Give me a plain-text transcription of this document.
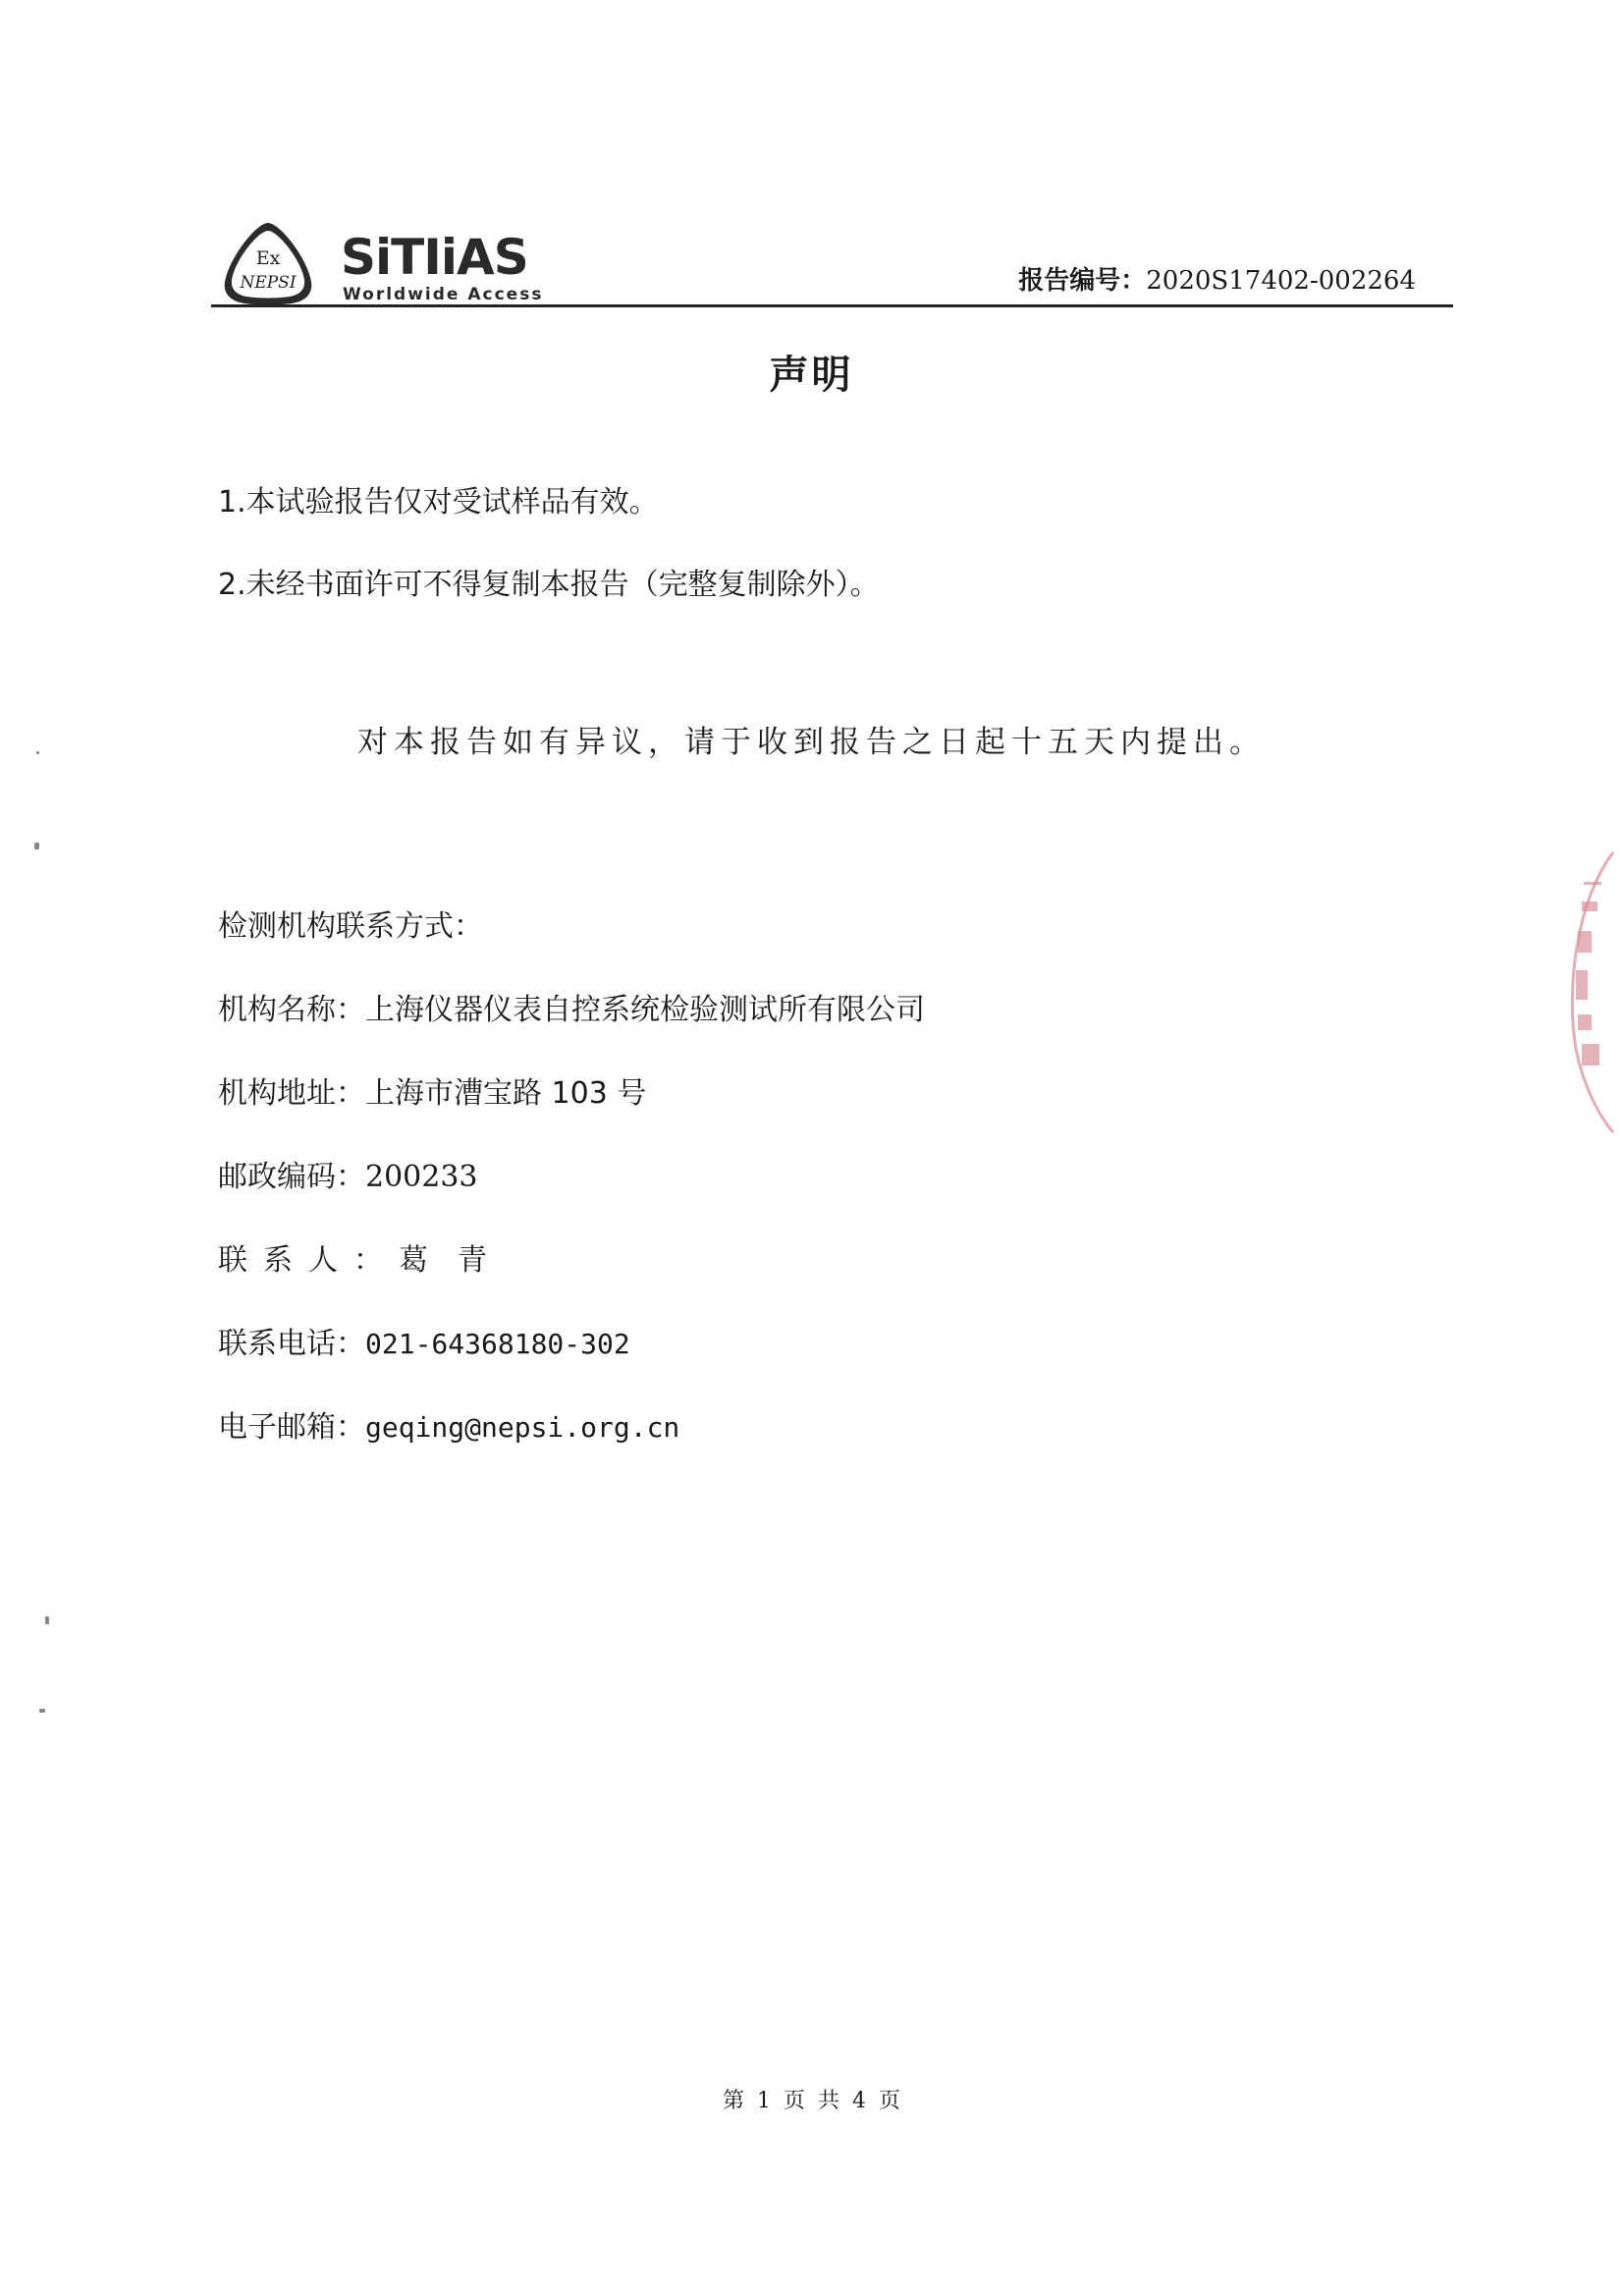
Ex
NEPSI SiTIiAS
Worldwide Access	报告编号：2020S17402-002264
声明
1.本试验报告仅对受试样品有效。
2.未经书面许可不得复制本报告（完整复制除外）。
对本报告如有异议，请于收到报告之日起十五天内提出。
检测机构联系方式：
机构名称：上海仪器仪表自控系统检验测试所有限公司
机构地址：上海市漕宝路 103 号
邮政编码：200233
联系人：葛青
联系电话：021-64368180-302
电子邮箱：geqing@nepsi.org.cn
第 1 页 共 4 页
